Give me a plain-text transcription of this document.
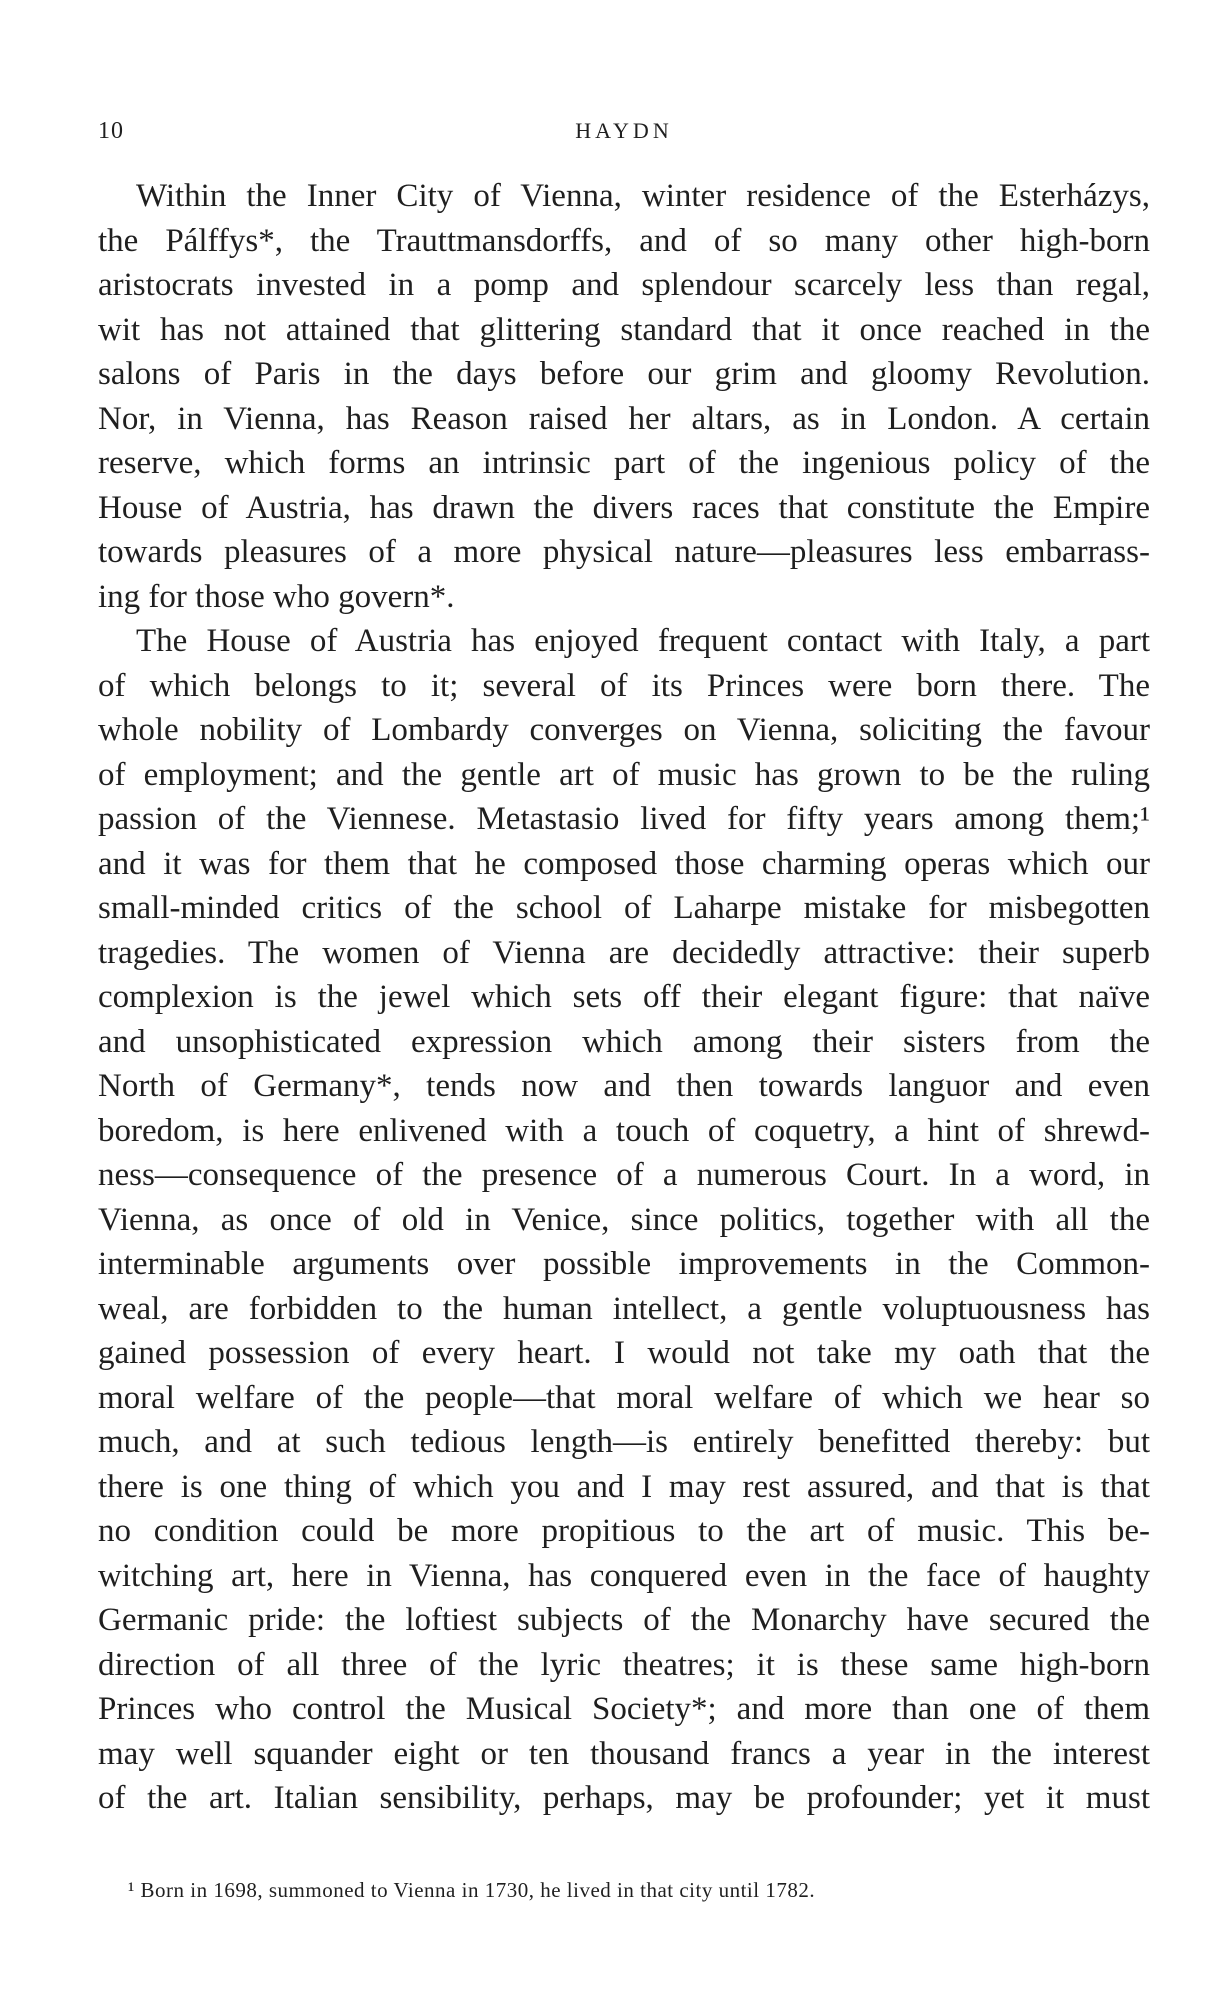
10	HAYDN
Within the Inner City of Vienna, winter residence of the Esterházys,
the Pálffys*, the Trauttmansdorffs, and of so many other high-born
aristocrats invested in a pomp and splendour scarcely less than regal,
wit has not attained that glittering standard that it once reached in the
salons of Paris in the days before our grim and gloomy Revolution.
Nor, in Vienna, has Reason raised her altars, as in London. A certain
reserve, which forms an intrinsic part of the ingenious policy of the
House of Austria, has drawn the divers races that constitute the Empire
towards pleasures of a more physical nature—pleasures less embarrass-
ing for those who govern*.
The House of Austria has enjoyed frequent contact with Italy, a part
of which belongs to it; several of its Princes were born there. The
whole nobility of Lombardy converges on Vienna, soliciting the favour
of employment; and the gentle art of music has grown to be the ruling
passion of the Viennese. Metastasio lived for fifty years among them;¹
and it was for them that he composed those charming operas which our
small-minded critics of the school of Laharpe mistake for misbegotten
tragedies. The women of Vienna are decidedly attractive: their superb
complexion is the jewel which sets off their elegant figure: that naïve
and unsophisticated expression which among their sisters from the
North of Germany*, tends now and then towards languor and even
boredom, is here enlivened with a touch of coquetry, a hint of shrewd-
ness—consequence of the presence of a numerous Court. In a word, in
Vienna, as once of old in Venice, since politics, together with all the
interminable arguments over possible improvements in the Common-
weal, are forbidden to the human intellect, a gentle voluptuousness has
gained possession of every heart. I would not take my oath that the
moral welfare of the people—that moral welfare of which we hear so
much, and at such tedious length—is entirely benefitted thereby: but
there is one thing of which you and I may rest assured, and that is that
no condition could be more propitious to the art of music. This be-
witching art, here in Vienna, has conquered even in the face of haughty
Germanic pride: the loftiest subjects of the Monarchy have secured the
direction of all three of the lyric theatres; it is these same high-born
Princes who control the Musical Society*; and more than one of them
may well squander eight or ten thousand francs a year in the interest
of the art. Italian sensibility, perhaps, may be profounder; yet it must
¹ Born in 1698, summoned to Vienna in 1730, he lived in that city until 1782.
